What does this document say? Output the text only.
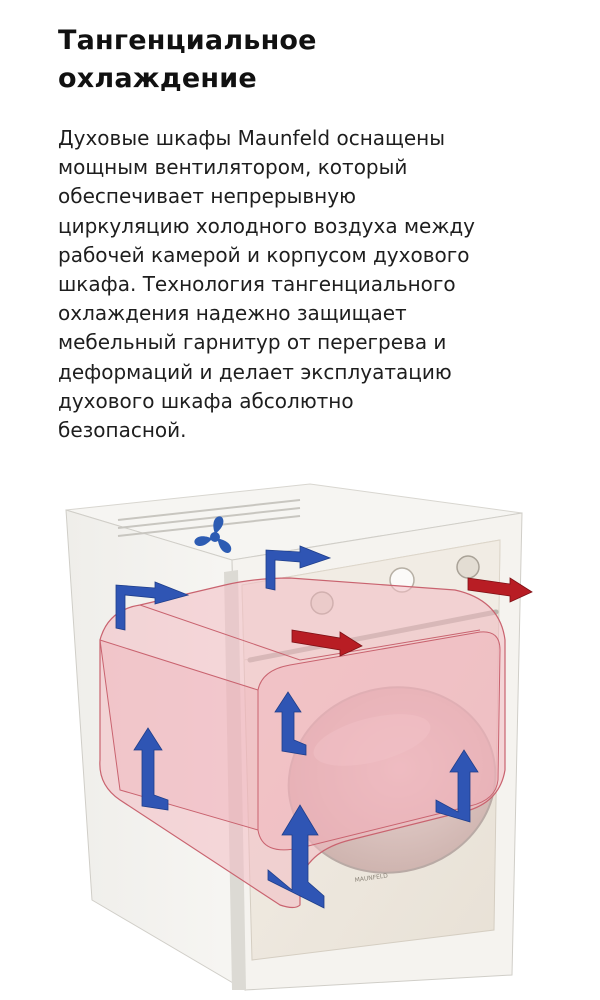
Тангенциальное
охлаждение

Духовые шкафы Maunfeld оснащены
мощным вентилятором, который
обеспечивает непрерывную
циркуляцию холодного воздуха между
рабочей камерой и корпусом духового
шкафа. Технология тангенциального
охлаждения надежно защищает
мебельный гарнитур от перегрева и
деформаций и делает эксплуатацию
духового шкафа абсолютно
безопасной.

MAUNFELD
